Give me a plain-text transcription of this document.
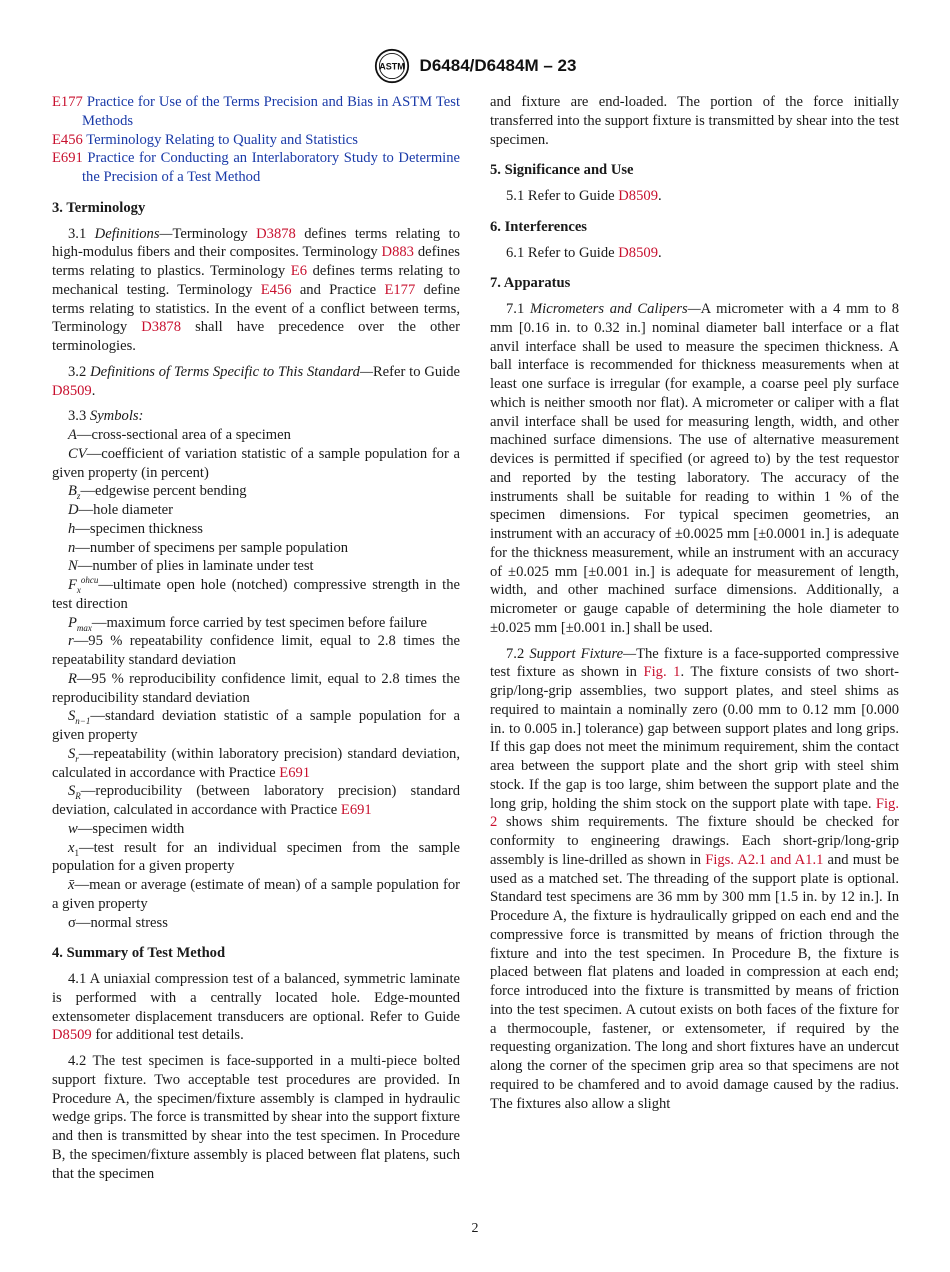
ASTM D6484/D6484M – 23

E177 Practice for Use of the Terms Precision and Bias in ASTM Test Methods

E456 Terminology Relating to Quality and Statistics

E691 Practice for Conducting an Interlaboratory Study to Determine the Precision of a Test Method

3. Terminology

3.1 Definitions—Terminology D3878 defines terms relating to high-modulus fibers and their composites. Terminology D883 defines terms relating to plastics. Terminology E6 defines terms relating to mechanical testing. Terminology E456 and Practice E177 define terms relating to statistics. In the event of a conflict between terms, Terminology D3878 shall have precedence over the other terminologies.

3.2 Definitions of Terms Specific to This Standard—Refer to Guide D8509.

3.3 Symbols:

A—cross-sectional area of a specimen

CV—coefficient of variation statistic of a sample population for a given property (in percent)

$B_z—edgewise$ percent bending

D—hole diameter

h—specimen thickness

n—number of specimens per sample population

N—number of plies in laminate under test

$F_x^{ohcu}—ultimate$ open hole (notched) compressive strength in the test direction

$P_{max}—maximum$ force carried by test specimen before failure

r—95 % repeatability confidence limit, equal to 2.8 times the repeatability standard deviation

R—95 % reproducibility confidence limit, equal to 2.8 times the reproducibility standard deviation

$S_{n-1}—standard$ deviation statistic of a sample population for a given property

$S_r—repeatability$ (within laboratory precision) standard deviation, calculated in accordance with Practice E691

$S_R—reproducibility$ (between laboratory precision) standard deviation, calculated in accordance with Practice E691

w—specimen width

$x_1—test$ result for an individual specimen from the sample population for a given property

x̄—mean or average (estimate of mean) of a sample population for a given property

σ—normal stress

4. Summary of Test Method

4.1 A uniaxial compression test of a balanced, symmetric laminate is performed with a centrally located hole. Edge-mounted extensometer displacement transducers are optional. Refer to Guide D8509 for additional test details.

4.2 The test specimen is face-supported in a multi-piece bolted support fixture. Two acceptable test procedures are provided. In Procedure A, the specimen/fixture assembly is clamped in hydraulic wedge grips. The force is transmitted by shear into the support fixture and then is transmitted by shear into the test specimen. In Procedure B, the specimen/fixture assembly is placed between flat platens, such that the specimen

and fixture are end-loaded. The portion of the force initially transferred into the support fixture is transmitted by shear into the test specimen.

5. Significance and Use

5.1 Refer to Guide D8509.

6. Interferences

6.1 Refer to Guide D8509.

7. Apparatus

7.1 Micrometers and Calipers—A micrometer with a 4 mm to 8 mm [0.16 in. to 0.32 in.] nominal diameter ball interface or a flat anvil interface shall be used to measure the specimen thickness. A ball interface is recommended for thickness measurements when at least one surface is irregular (for example, a coarse peel ply surface which is neither smooth nor flat). A micrometer or caliper with a flat anvil interface shall be used for measuring length, width, and other machined surface dimensions. The use of alternative measurement devices is permitted if specified (or agreed to) by the test requestor and reported by the testing laboratory. The accuracy of the instruments shall be suitable for reading to within 1 % of the specimen dimensions. For typical specimen geometries, an instrument with an accuracy of ±0.0025 mm [±0.0001 in.] is adequate for the thickness measurement, while an instrument with an accuracy of ±0.025 mm [±0.001 in.] is adequate for measurement of length, width, and other machined surface dimensions. Additionally, a micrometer or gauge capable of determining the hole diameter to ±0.025 mm [±0.001 in.] shall be used.

7.2 Support Fixture—The fixture is a face-supported compressive test fixture as shown in Fig. 1. The fixture consists of two short-grip/long-grip assemblies, two support plates, and steel shims as required to maintain a nominally zero (0.00 mm to 0.12 mm [0.000 in. to 0.005 in.] tolerance) gap between support plates and long grips. If this gap does not meet the minimum requirement, shim the contact area between the support plate and the short grip with steel shim stock. If the gap is too large, shim between the support plate and the long grip, holding the shim stock on the support plate with tape. Fig. 2 shows shim requirements. The fixture should be checked for conformity to engineering drawings. Each short-grip/long-grip assembly is line-drilled as shown in Figs. A2.1 and A1.1 and must be used as a matched set. The threading of the support plate is optional. Standard test specimens are 36 mm by 300 mm [1.5 in. by 12 in.]. In Procedure A, the fixture is hydraulically gripped on each end and the compressive force is transmitted by means of friction through the fixture and into the test specimen. In Procedure B, the fixture is placed between flat platens and loaded in compression at each end; force introduced into the fixture is transmitted by means of friction into the test specimen. A cutout exists on both faces of the fixture for a thermocouple, fastener, or extensometer, if required by the requesting organization. The long and short fixtures have an undercut along the corner of the specimen grip area so that specimens are not required to be chamfered and to avoid damage caused by the radius. The fixtures also allow a slight

2
